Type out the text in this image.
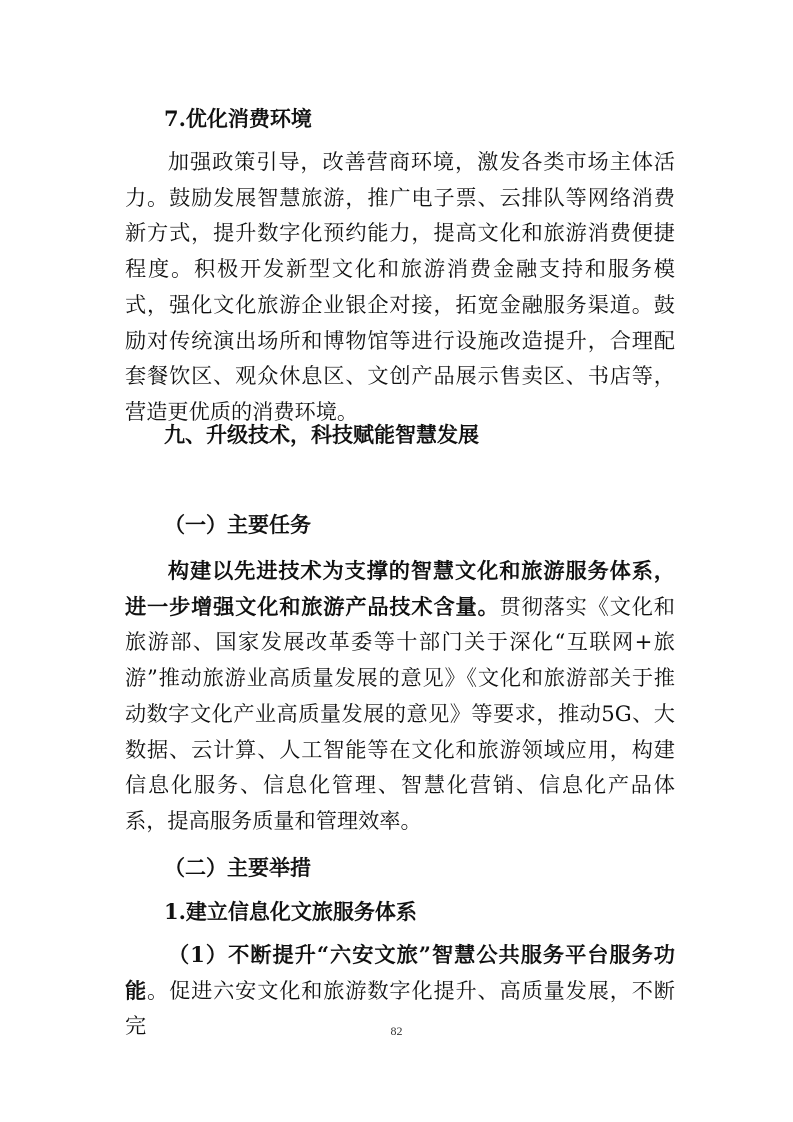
7.优化消费环境

加强政策引导，改善营商环境，激发各类市场主体活力。鼓励发展智慧旅游，推广电子票、云排队等网络消费新方式，提升数字化预约能力，提高文化和旅游消费便捷程度。积极开发新型文化和旅游消费金融支持和服务模式，强化文化旅游企业银企对接，拓宽金融服务渠道。鼓励对传统演出场所和博物馆等进行设施改造提升，合理配套餐饮区、观众休息区、文创产品展示售卖区、书店等，营造更优质的消费环境。

九、升级技术，科技赋能智慧发展
（一）主要任务

构建以先进技术为支撑的智慧文化和旅游服务体系，进一步增强文化和旅游产品技术含量。贯彻落实《文化和旅游部、国家发展改革委等十部门关于深化“互联网+旅游”推动旅游业高质量发展的意见》《文化和旅游部关于推动数字文化产业高质量发展的意见》等要求，推动5G、大数据、云计算、人工智能等在文化和旅游领域应用，构建信息化服务、信息化管理、智慧化营销、信息化产品体系，提高服务质量和管理效率。

（二）主要举措
1.建立信息化文旅服务体系

（1）不断提升“六安文旅”智慧公共服务平台服务功能。促进六安文化和旅游数字化提升、高质量发展，不断完	82
